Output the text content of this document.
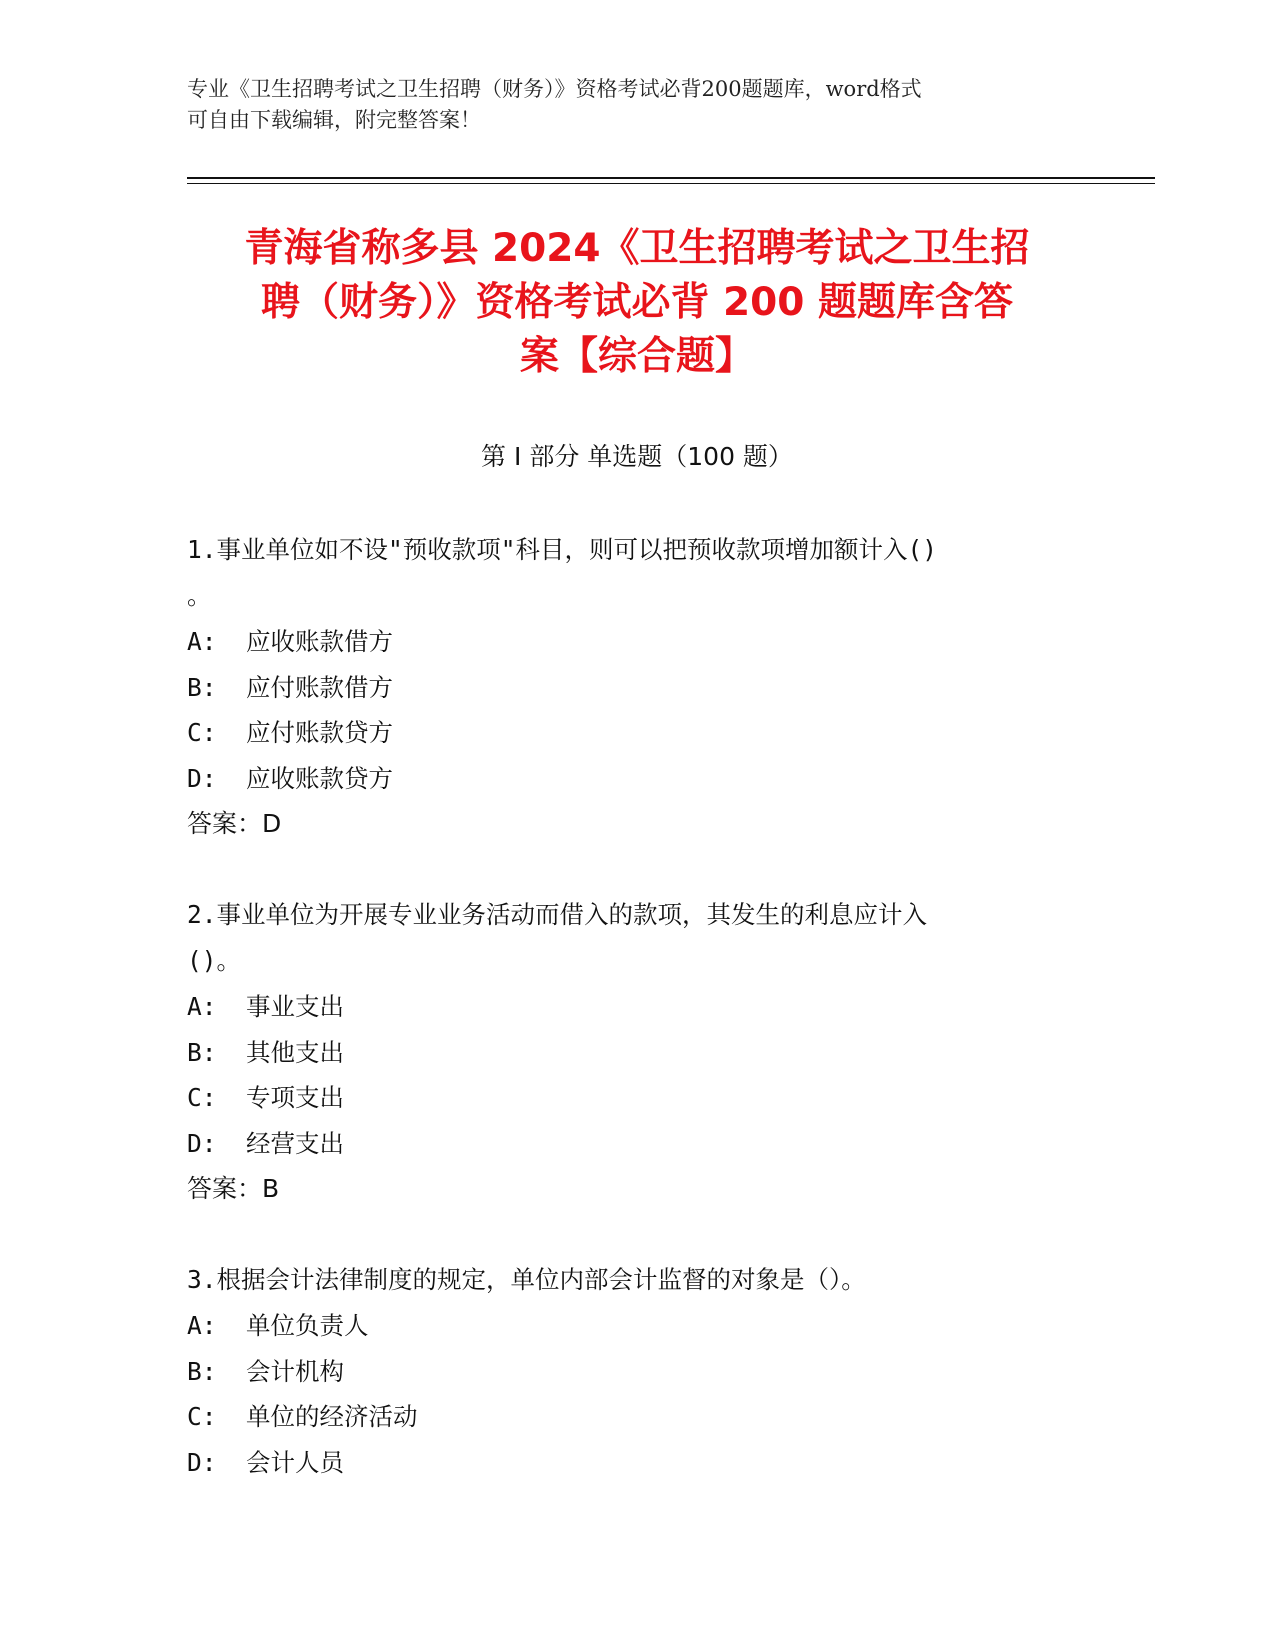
专业《卫生招聘考试之卫生招聘（财务）》资格考试必背200题题库，word格式
可自由下载编辑，附完整答案！
青海省称多县 2024《卫生招聘考试之卫生招
聘（财务）》资格考试必背 200 题题库含答
案【综合题】
第 I 部分 单选题（100 题）
1.事业单位如不设"预收款项"科目，则可以把预收款项增加额计入()
。
A:  应收账款借方
B:  应付账款借方
C:  应付账款贷方
D:  应收账款贷方
答案：D
2.事业单位为开展专业业务活动而借入的款项，其发生的利息应计入
()。
A:  事业支出
B:  其他支出
C:  专项支出
D:  经营支出
答案：B
3.根据会计法律制度的规定，单位内部会计监督的对象是（）。
A:  单位负责人
B:  会计机构
C:  单位的经济活动
D:  会计人员
